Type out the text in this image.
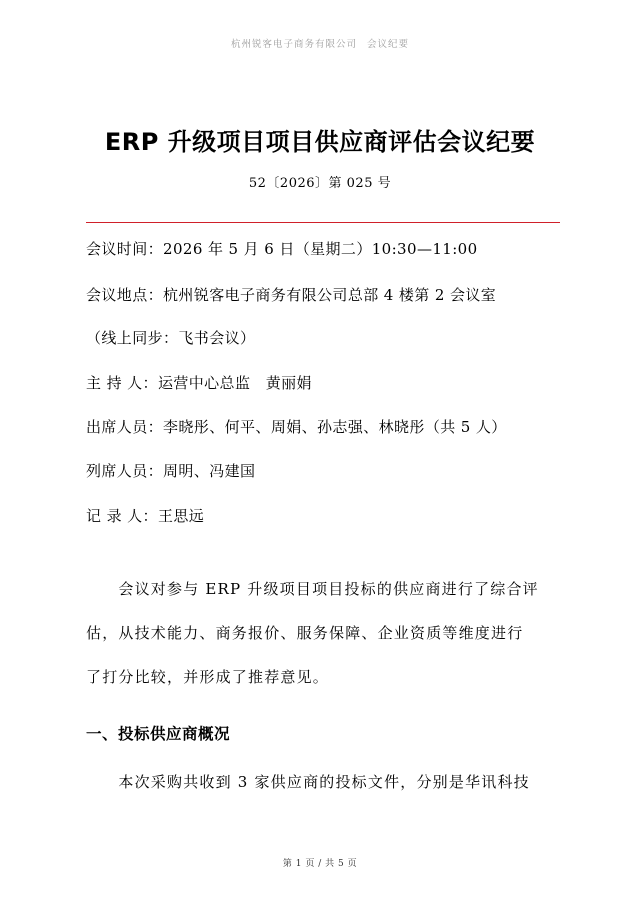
杭州锐客电子商务有限公司 会议纪要
ERP 升级项目项目供应商评估会议纪要
52〔2026〕第 025 号
会议时间：2026 年 5 月 6 日（星期二）10:30—11:00
会议地点：杭州锐客电子商务有限公司总部 4 楼第 2 会议室
（线上同步：飞书会议）
主 持 人：运营中心总监　黄丽娟
出席人员：李晓彤、何平、周娟、孙志强、林晓彤（共 5 人）
列席人员：周明、冯建国
记 录 人：王思远
　　会议对参与 ERP 升级项目项目投标的供应商进行了综合评
估，从技术能力、商务报价、服务保障、企业资质等维度进行
了打分比较，并形成了推荐意见。
一、投标供应商概况
　　本次采购共收到 3 家供应商的投标文件，分别是华讯科技
第 1 页 / 共 5 页
